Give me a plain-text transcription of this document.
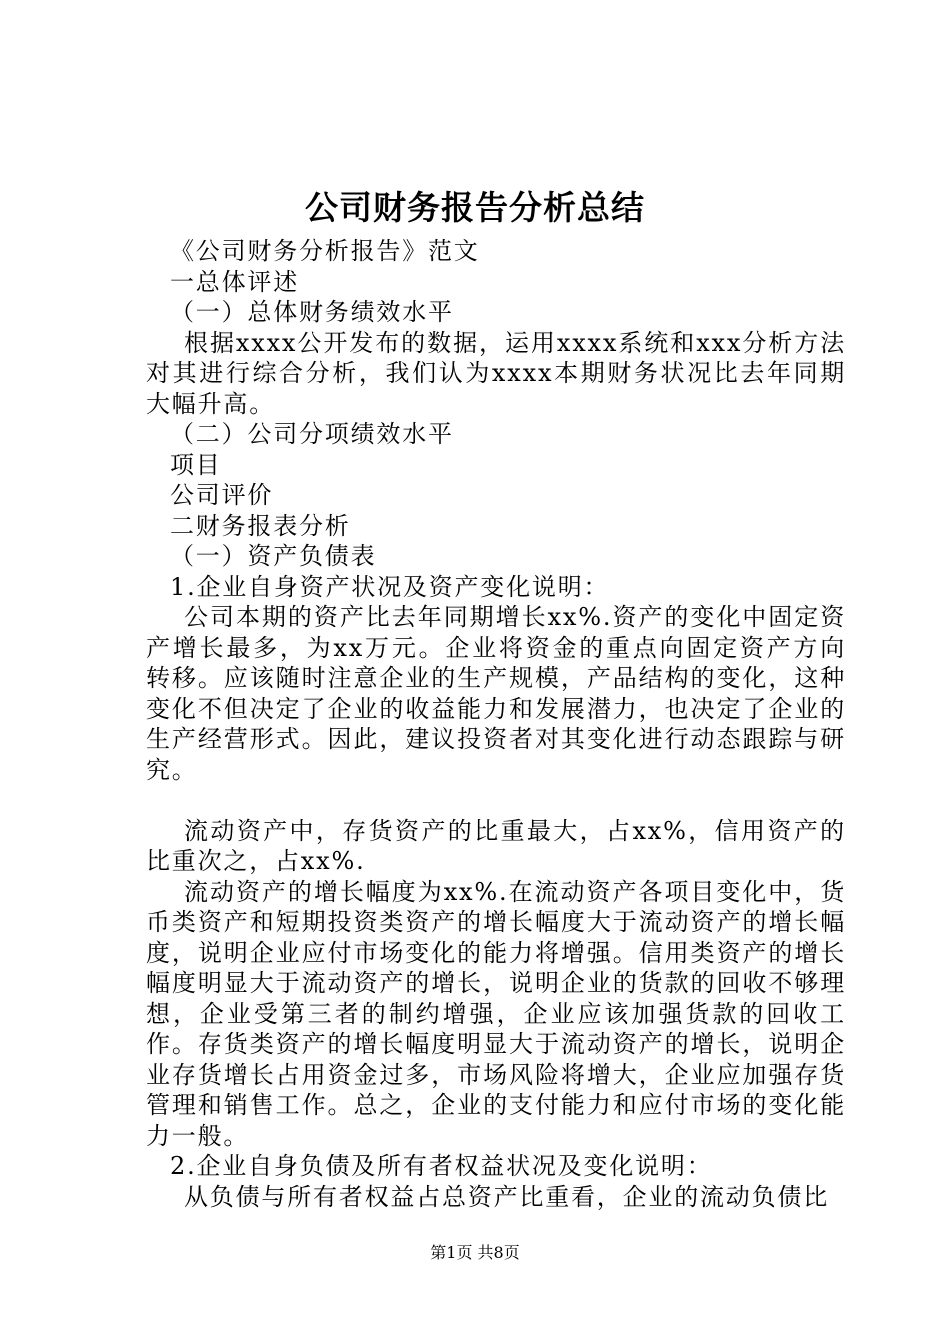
公司财务报告分析总结

《公司财务分析报告》范文

一总体评述

（一）总体财务绩效水平

根据xxxx公开发布的数据，运用xxxx系统和xxx分析方法对其进行综合分析，我们认为xxxx本期财务状况比去年同期大幅升高。

（二）公司分项绩效水平

项目

公司评价

二财务报表分析

（一）资产负债表

1.企业自身资产状况及资产变化说明：

公司本期的资产比去年同期增长xx%.资产的变化中固定资产增长最多，为xx万元。企业将资金的重点向固定资产方向转移。应该随时注意企业的生产规模，产品结构的变化，这种变化不但决定了企业的收益能力和发展潜力，也决定了企业的生产经营形式。因此，建议投资者对其变化进行动态跟踪与研究。

流动资产中，存货资产的比重最大，占xx%，信用资产的比重次之，占xx%.

流动资产的增长幅度为xx%.在流动资产各项目变化中，货币类资产和短期投资类资产的增长幅度大于流动资产的增长幅度，说明企业应付市场变化的能力将增强。信用类资产的增长幅度明显大于流动资产的增长，说明企业的货款的回收不够理想，企业受第三者的制约增强，企业应该加强货款的回收工作。存货类资产的增长幅度明显大于流动资产的增长，说明企业存货增长占用资金过多，市场风险将增大，企业应加强存货管理和销售工作。总之，企业的支付能力和应付市场的变化能力一般。

2.企业自身负债及所有者权益状况及变化说明：

从负债与所有者权益占总资产比重看，企业的流动负债比

第1页 共8页
